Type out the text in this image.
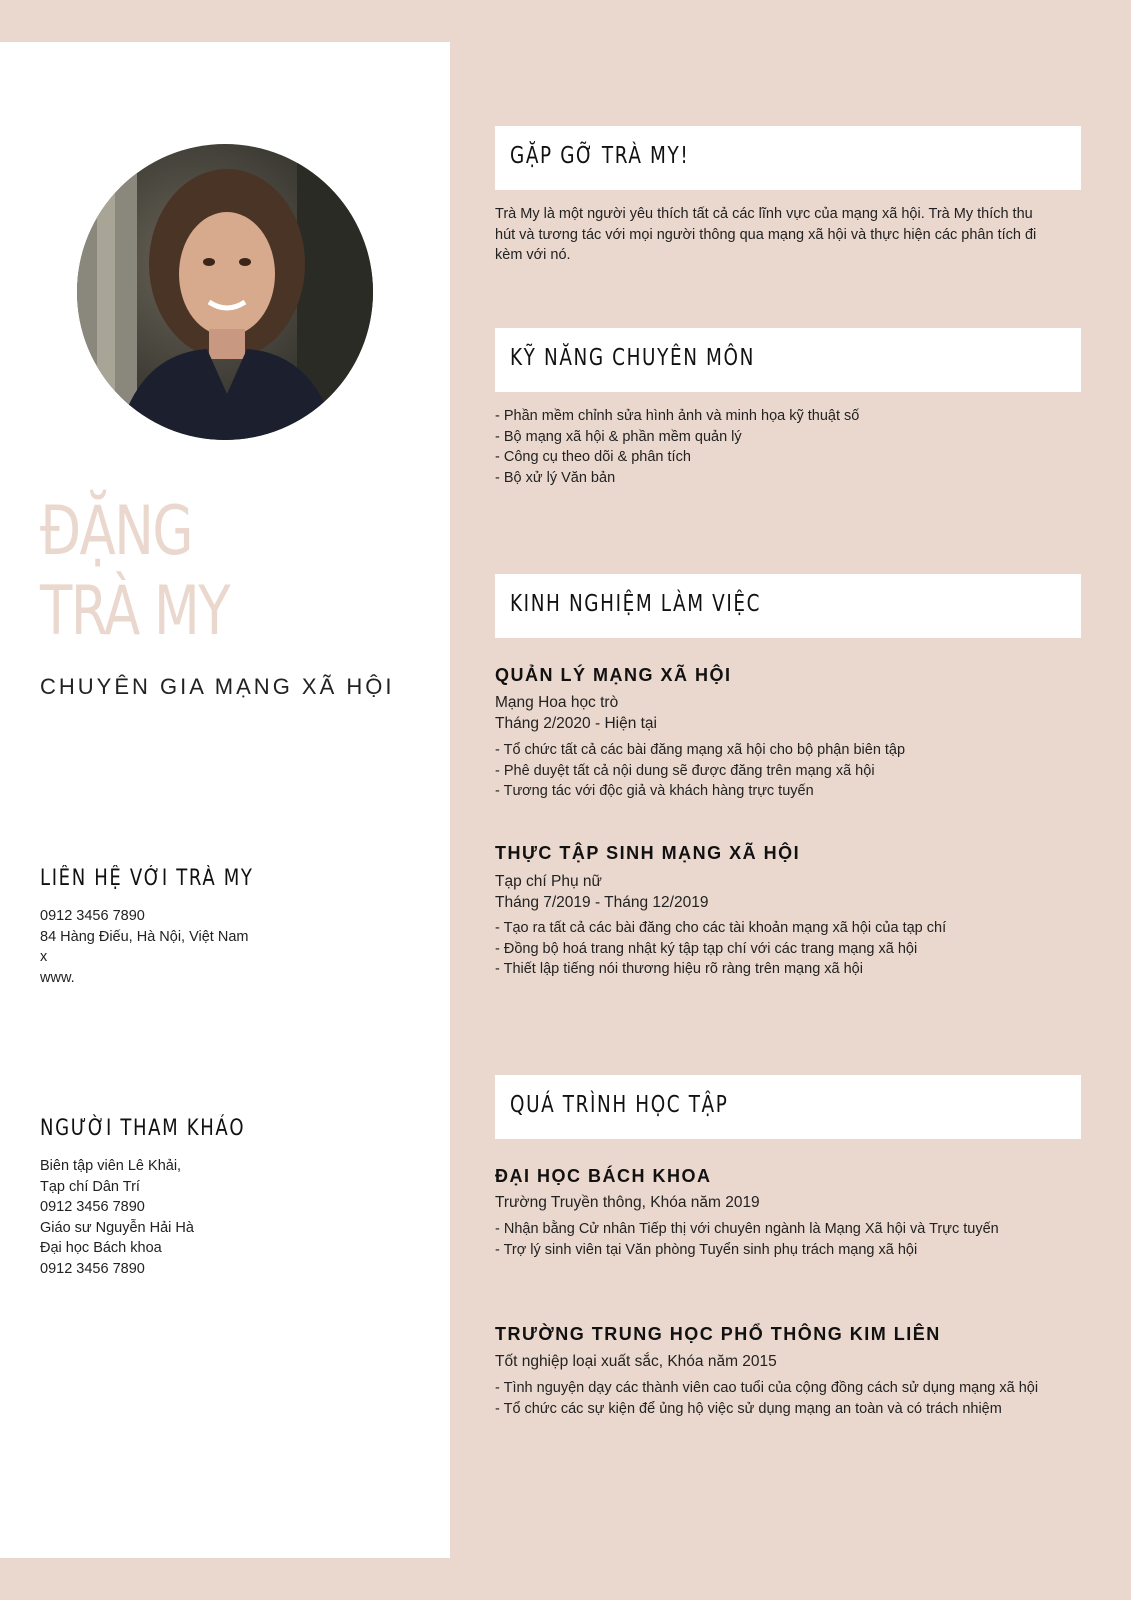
ĐẶNG
TRÀ MY
CHUYÊN GIA MẠNG XÃ HỘI
LIÊN HỆ VỚI TRÀ MY
0912 3456 7890
84 Hàng Điếu, Hà Nội, Việt Nam
x
www.
NGƯỜI THAM KHẢO
Biên tập viên Lê Khải,
Tạp chí Dân Trí
0912 3456 7890
Giáo sư Nguyễn Hải Hà
Đại học Bách khoa
0912 3456 7890
GẶP GỠ TRÀ MY!
Trà My là một người yêu thích tất cả các lĩnh vực của mạng xã hội. Trà My thích thu
hút và tương tác với mọi người thông qua mạng xã hội và thực hiện các phân tích đi
kèm với nó.
KỸ NĂNG CHUYÊN MÔN
- Phần mềm chỉnh sửa hình ảnh và minh họa kỹ thuật số
- Bộ mạng xã hội & phần mềm quản lý
- Công cụ theo dõi & phân tích
- Bộ xử lý Văn bản
KINH NGHIỆM LÀM VIỆC
QUẢN LÝ MẠNG XÃ HỘI
Mạng Hoa học trò
Tháng 2/2020 - Hiện tại
- Tổ chức tất cả các bài đăng mạng xã hội cho bộ phận biên tập
- Phê duyệt tất cả nội dung sẽ được đăng trên mạng xã hội
- Tương tác với độc giả và khách hàng trực tuyến
THỰC TẬP SINH MẠNG XÃ HỘI
Tạp chí Phụ nữ
Tháng 7/2019 - Tháng 12/2019
- Tạo ra tất cả các bài đăng cho các tài khoản mạng xã hội của tạp chí
- Đồng bộ hoá trang nhật ký tập tạp chí với các trang mạng xã hội
- Thiết lập tiếng nói thương hiệu rõ ràng trên mạng xã hội
QUÁ TRÌNH HỌC TẬP
ĐẠI HỌC BÁCH KHOA
Trường Truyền thông, Khóa năm 2019
- Nhận bằng Cử nhân Tiếp thị với chuyên ngành là Mạng Xã hội và Trực tuyến
- Trợ lý sinh viên tại Văn phòng Tuyển sinh phụ trách mạng xã hội
TRƯỜNG TRUNG HỌC PHỔ THÔNG KIM LIÊN
Tốt nghiệp loại xuất sắc, Khóa năm 2015
- Tình nguyện dạy các thành viên cao tuổi của cộng đồng cách sử dụng mạng xã hội
- Tổ chức các sự kiện để ủng hộ việc sử dụng mạng an toàn và có trách nhiệm
